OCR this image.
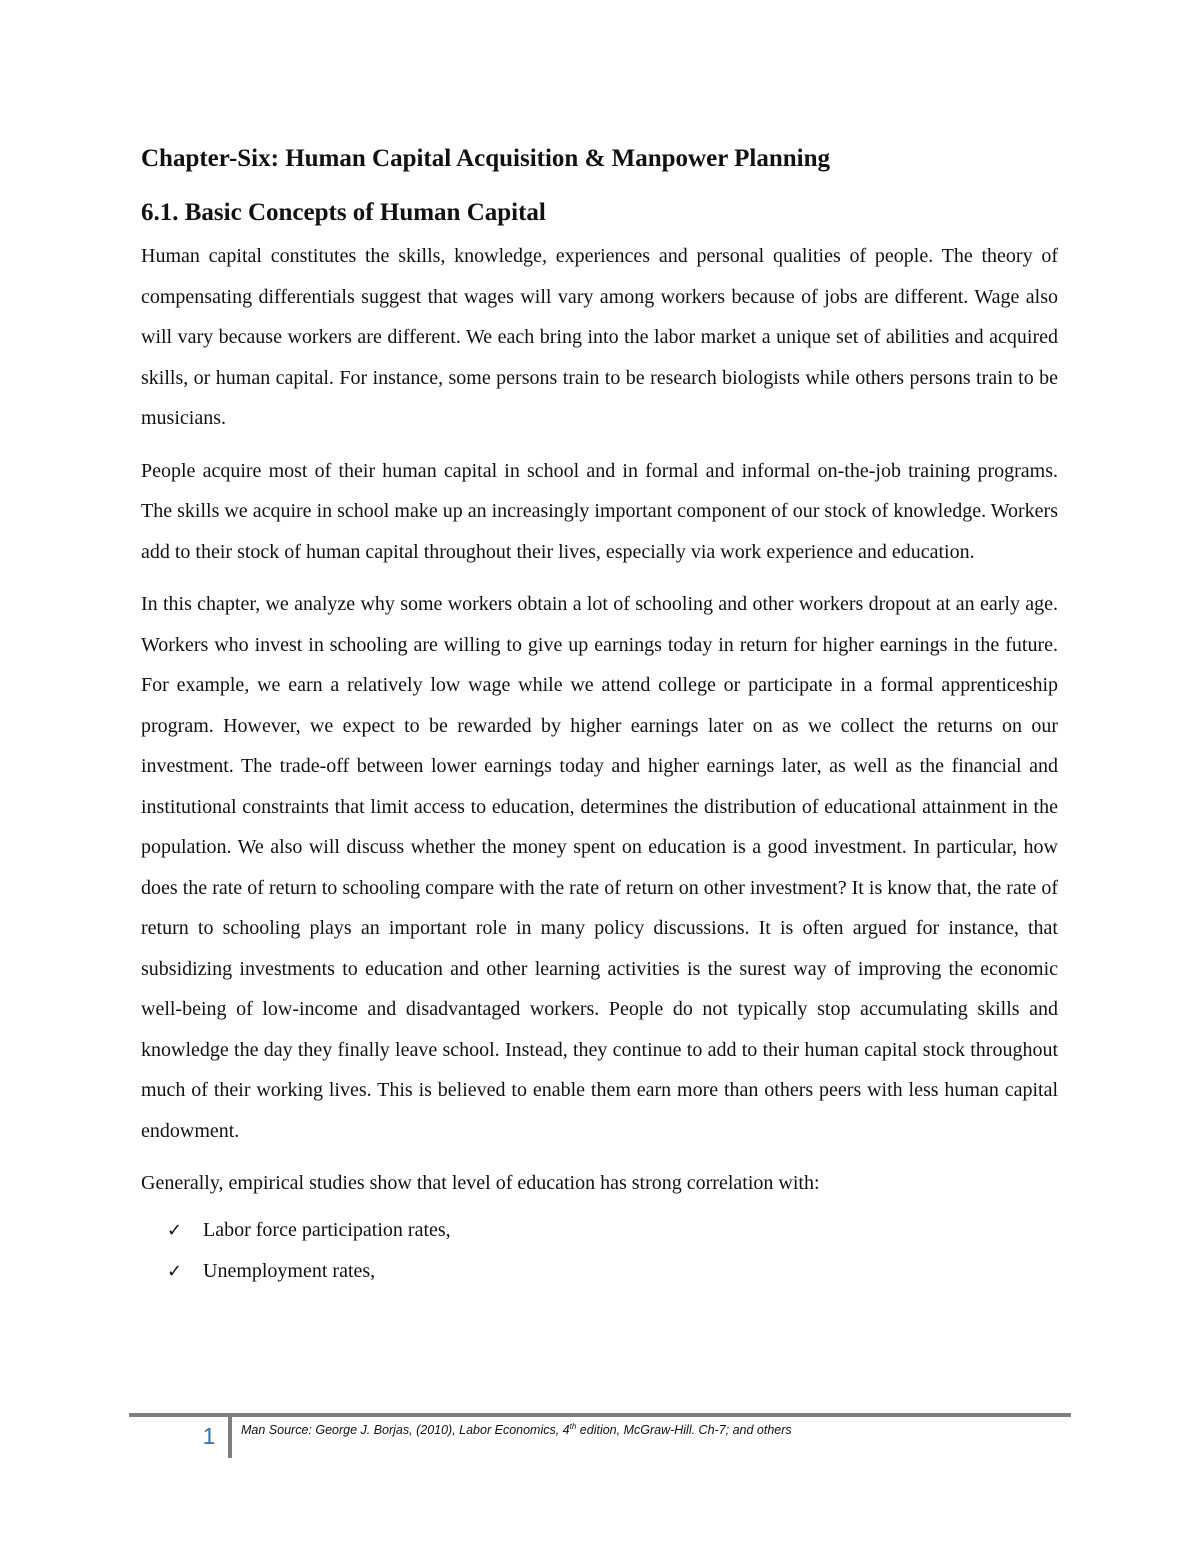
Chapter-Six: Human Capital Acquisition & Manpower Planning
6.1. Basic Concepts of Human Capital

Human capital constitutes the skills, knowledge, experiences and personal qualities of people. The theory of compensating differentials suggest that wages will vary among workers because of jobs are different. Wage also will vary because workers are different. We each bring into the labor market a unique set of abilities and acquired skills, or human capital. For instance, some persons train to be research biologists while others persons train to be musicians.

People acquire most of their human capital in school and in formal and informal on-the-job training programs. The skills we acquire in school make up an increasingly important component of our stock of knowledge. Workers add to their stock of human capital throughout their lives, especially via work experience and education.

In this chapter, we analyze why some workers obtain a lot of schooling and other workers dropout at an early age. Workers who invest in schooling are willing to give up earnings today in return for higher earnings in the future. For example, we earn a relatively low wage while we attend college or participate in a formal apprenticeship program. However, we expect to be rewarded by higher earnings later on as we collect the returns on our investment. The trade-off between lower earnings today and higher earnings later, as well as the financial and institutional constraints that limit access to education, determines the distribution of educational attainment in the population. We also will discuss whether the money spent on education is a good investment. In particular, how does the rate of return to schooling compare with the rate of return on other investment? It is know that, the rate of return to schooling plays an important role in many policy discussions. It is often argued for instance, that subsidizing investments to education and other learning activities is the surest way of improving the economic well-being of low-income and disadvantaged workers. People do not typically stop accumulating skills and knowledge the day they finally leave school. Instead, they continue to add to their human capital stock throughout much of their working lives. This is believed to enable them earn more than others peers with less human capital endowment.

Generally, empirical studies show that level of education has strong correlation with:

✓	Labor force participation rates,
✓	Unemployment rates,
1	Man Source: George J. Borjas, (2010), Labor Economics, 4th edition, McGraw-Hill. Ch-7; and others
